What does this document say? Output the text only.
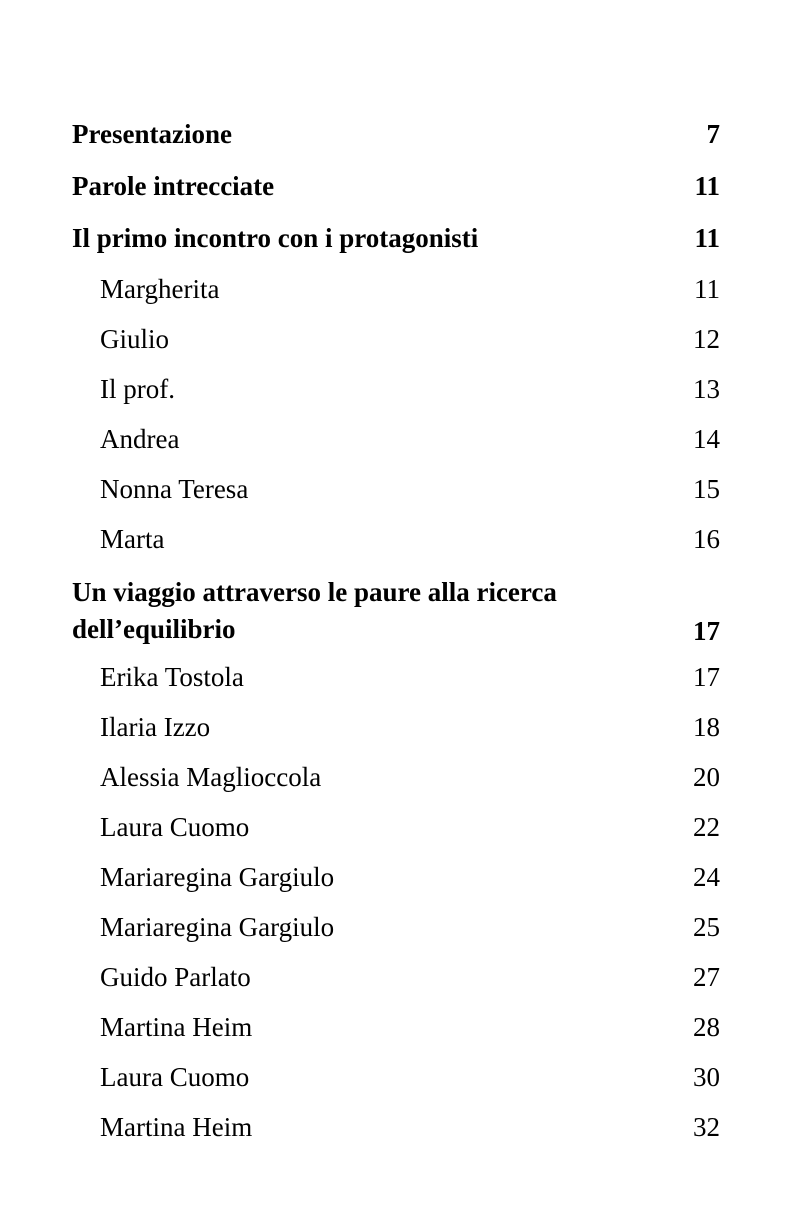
Presentazione	7
Parole intrecciate	11
Il primo incontro con i protagonisti	11
Margherita	11
Giulio	12
Il prof.	13
Andrea	14
Nonna Teresa	15
Marta	16
Un viaggio attraverso le paure alla ricerca dell’equilibrio	17
Erika Tostola	17
Ilaria Izzo	18
Alessia Maglioccola	20
Laura Cuomo	22
Mariaregina Gargiulo	24
Mariaregina Gargiulo	25
Guido Parlato	27
Martina Heim	28
Laura Cuomo	30
Martina Heim	32
